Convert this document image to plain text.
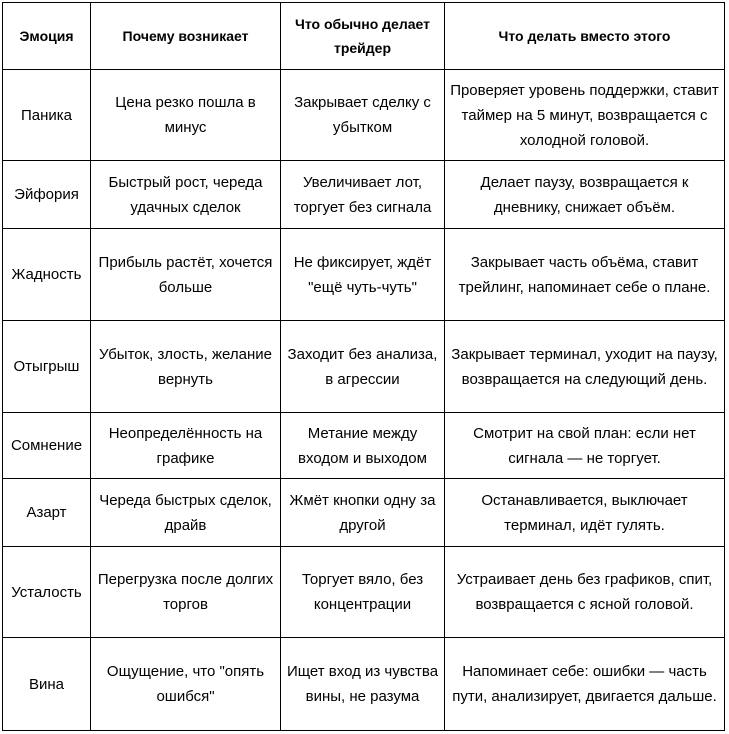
Эмоция	Почему возникает	Что обычно делает трейдер	Что делать вместо этого
Паника	Цена резко пошла в минус	Закрывает сделку с убытком	Проверяет уровень поддержки, ставит таймер на 5 минут, возвращается с холодной головой.
Эйфория	Быстрый рост, череда удачных сделок	Увеличивает лот, торгует без сигнала	Делает паузу, возвращается к дневнику, снижает объём.
Жадность	Прибыль растёт, хочется больше	Не фиксирует, ждёт "ещё чуть-чуть"	Закрывает часть объёма, ставит трейлинг, напоминает себе о плане.
Отыгрыш	Убыток, злость, желание вернуть	Заходит без анализа, в агрессии	Закрывает терминал, уходит на паузу, возвращается на следующий день.
Сомнение	Неопределённость на графике	Метание между входом и выходом	Смотрит на свой план: если нет сигнала — не торгует.
Азарт	Череда быстрых сделок, драйв	Жмёт кнопки одну за другой	Останавливается, выключает терминал, идёт гулять.
Усталость	Перегрузка после долгих торгов	Торгует вяло, без концентрации	Устраивает день без графиков, спит, возвращается с ясной головой.
Вина	Ощущение, что "опять ошибся"	Ищет вход из чувства вины, не разума	Напоминает себе: ошибки — часть пути, анализирует, двигается дальше.
